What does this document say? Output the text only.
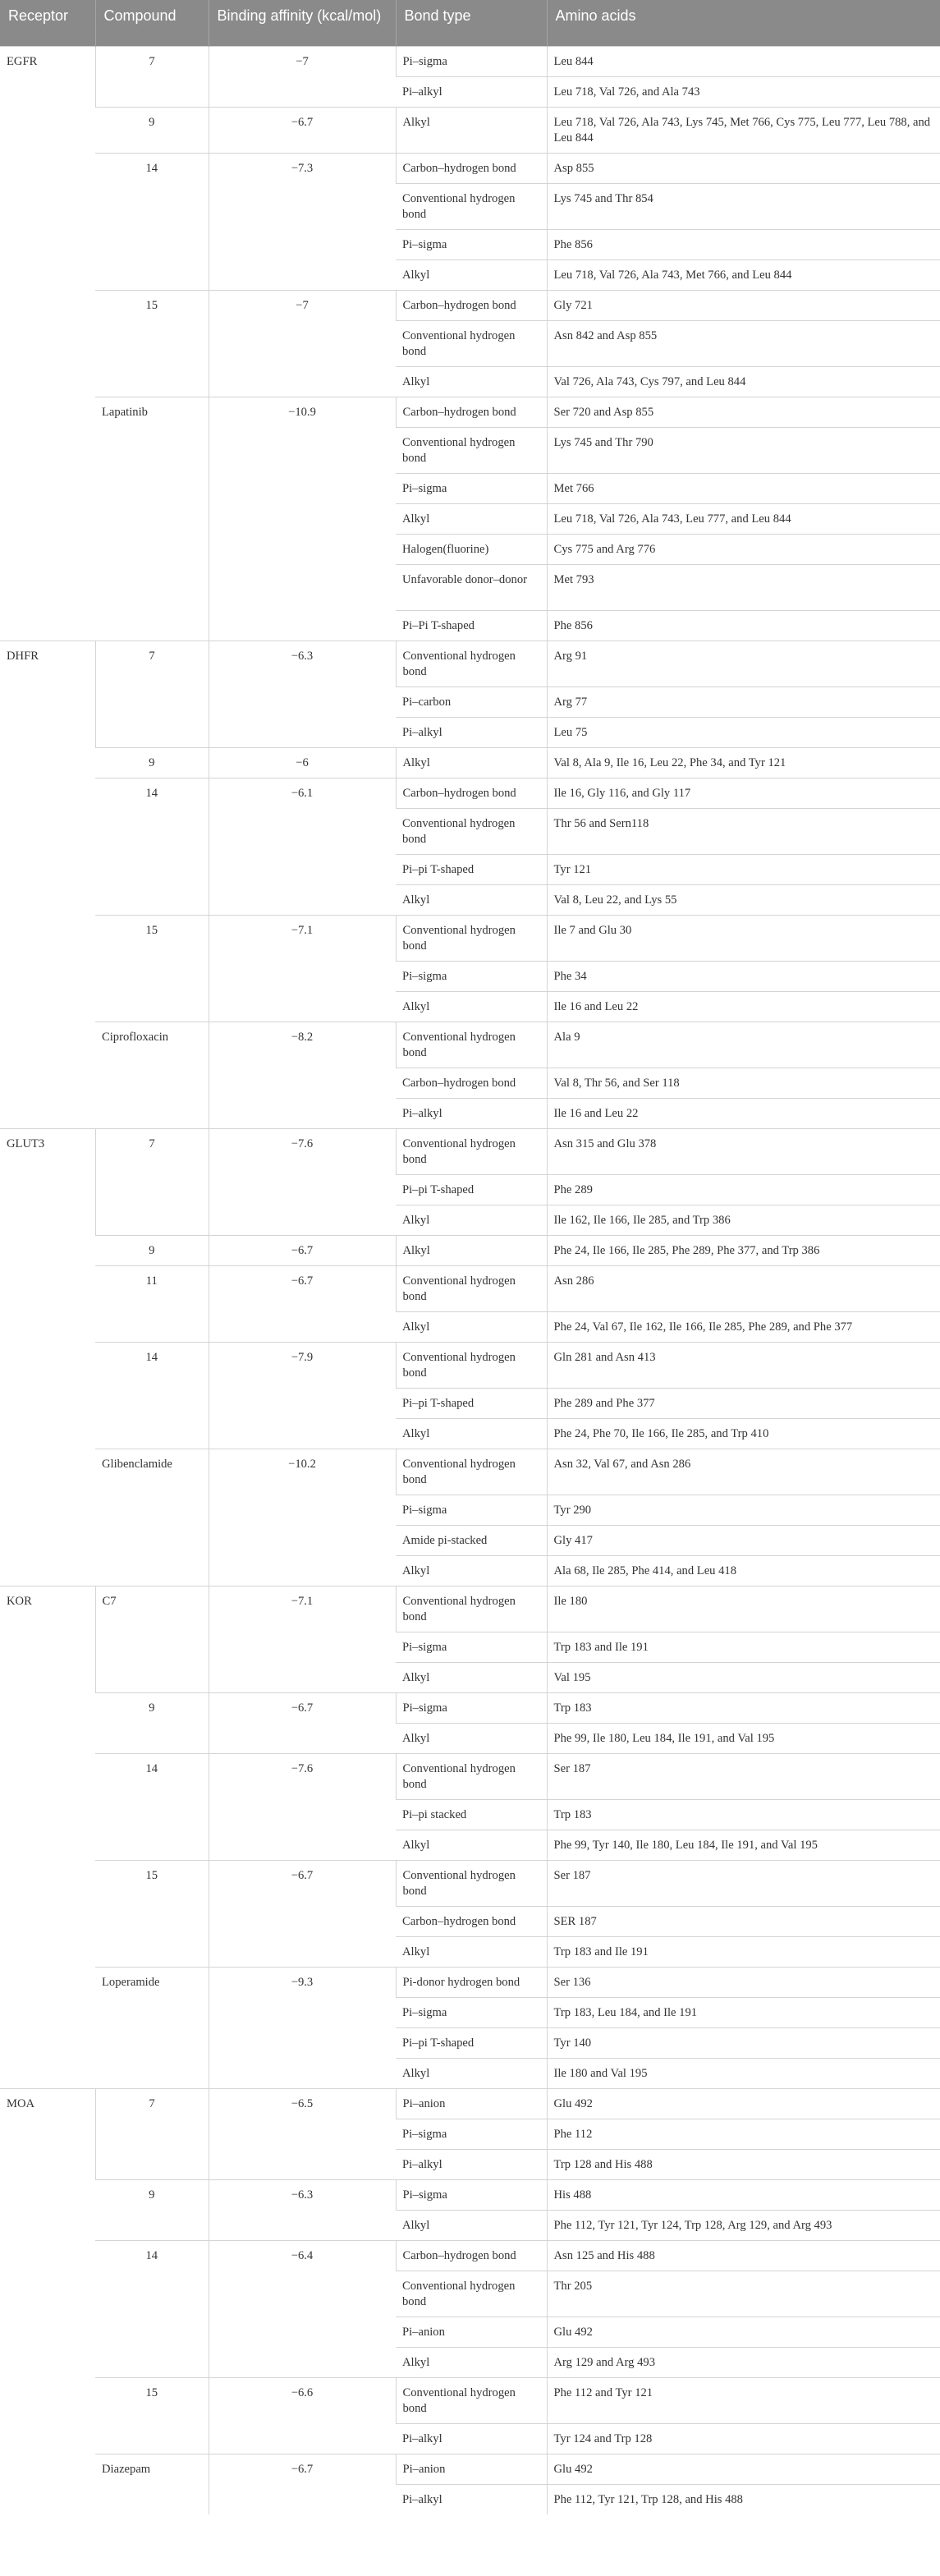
Receptor	Compound	Binding affinity (kcal/mol)	Bond type	Amino acids
EGFR	7	−7	Pi–sigma	Leu 844
			Pi–alkyl	Leu 718, Val 726, and Ala 743
	9	−6.7	Alkyl	Leu 718, Val 726, Ala 743, Lys 745, Met 766, Cys 775, Leu 777, Leu 788, and Leu 844
	14	−7.3	Carbon–hydrogen bond	Asp 855
			Conventional hydrogen bond	Lys 745 and Thr 854
			Pi–sigma	Phe 856
			Alkyl	Leu 718, Val 726, Ala 743, Met 766, and Leu 844
	15	−7	Carbon–hydrogen bond	Gly 721
			Conventional hydrogen bond	Asn 842 and Asp 855
			Alkyl	Val 726, Ala 743, Cys 797, and Leu 844
	Lapatinib	−10.9	Carbon–hydrogen bond	Ser 720 and Asp 855
			Conventional hydrogen bond	Lys 745 and Thr 790
			Pi–sigma	Met 766
			Alkyl	Leu 718, Val 726, Ala 743, Leu 777, and Leu 844
			Halogen(fluorine)	Cys 775 and Arg 776
			Unfavorable donor–donor	Met 793
			Pi–Pi T-shaped	Phe 856
DHFR	7	−6.3	Conventional hydrogen bond	Arg 91
			Pi–carbon	Arg 77
			Pi–alkyl	Leu 75
	9	−6	Alkyl	Val 8, Ala 9, Ile 16, Leu 22, Phe 34, and Tyr 121
	14	−6.1	Carbon–hydrogen bond	Ile 16, Gly 116, and Gly 117
			Conventional hydrogen bond	Thr 56 and Sern118
			Pi–pi T-shaped	Tyr 121
			Alkyl	Val 8, Leu 22, and Lys 55
	15	−7.1	Conventional hydrogen bond	Ile 7 and Glu 30
			Pi–sigma	Phe 34
			Alkyl	Ile 16 and Leu 22
	Ciprofloxacin	−8.2	Conventional hydrogen bond	Ala 9
			Carbon–hydrogen bond	Val 8, Thr 56, and Ser 118
			Pi–alkyl	Ile 16 and Leu 22
GLUT3	7	−7.6	Conventional hydrogen bond	Asn 315 and Glu 378
			Pi–pi T-shaped	Phe 289
			Alkyl	Ile 162, Ile 166, Ile 285, and Trp 386
	9	−6.7	Alkyl	Phe 24, Ile 166, Ile 285, Phe 289, Phe 377, and Trp 386
	11	−6.7	Conventional hydrogen bond	Asn 286
			Alkyl	Phe 24, Val 67, Ile 162, Ile 166, Ile 285, Phe 289, and Phe 377
	14	−7.9	Conventional hydrogen bond	Gln 281 and Asn 413
			Pi–pi T-shaped	Phe 289 and Phe 377
			Alkyl	Phe 24, Phe 70, Ile 166, Ile 285, and Trp 410
	Glibenclamide	−10.2	Conventional hydrogen bond	Asn 32, Val 67, and Asn 286
			Pi–sigma	Tyr 290
			Amide pi-stacked	Gly 417
			Alkyl	Ala 68, Ile 285, Phe 414, and Leu 418
KOR	C7	−7.1	Conventional hydrogen bond	Ile 180
			Pi–sigma	Trp 183 and Ile 191
			Alkyl	Val 195
	9	−6.7	Pi–sigma	Trp 183
			Alkyl	Phe 99, Ile 180, Leu 184, Ile 191, and Val 195
	14	−7.6	Conventional hydrogen bond	Ser 187
			Pi–pi stacked	Trp 183
			Alkyl	Phe 99, Tyr 140, Ile 180, Leu 184, Ile 191, and Val 195
	15	−6.7	Conventional hydrogen bond	Ser 187
			Carbon–hydrogen bond	SER 187
			Alkyl	Trp 183 and Ile 191
	Loperamide	−9.3	Pi-donor hydrogen bond	Ser 136
			Pi–sigma	Trp 183, Leu 184, and Ile 191
			Pi–pi T-shaped	Tyr 140
			Alkyl	Ile 180 and Val 195
MOA	7	−6.5	Pi–anion	Glu 492
			Pi–sigma	Phe 112
			Pi–alkyl	Trp 128 and His 488
	9	−6.3	Pi–sigma	His 488
			Alkyl	Phe 112, Tyr 121, Tyr 124, Trp 128, Arg 129, and Arg 493
	14	−6.4	Carbon–hydrogen bond	Asn 125 and His 488
			Conventional hydrogen bond	Thr 205
			Pi–anion	Glu 492
			Alkyl	Arg 129 and Arg 493
	15	−6.6	Conventional hydrogen bond	Phe 112 and Tyr 121
			Pi–alkyl	Tyr 124 and Trp 128
	Diazepam	−6.7	Pi–anion	Glu 492
			Pi–alkyl	Phe 112, Tyr 121, Trp 128, and His 488
